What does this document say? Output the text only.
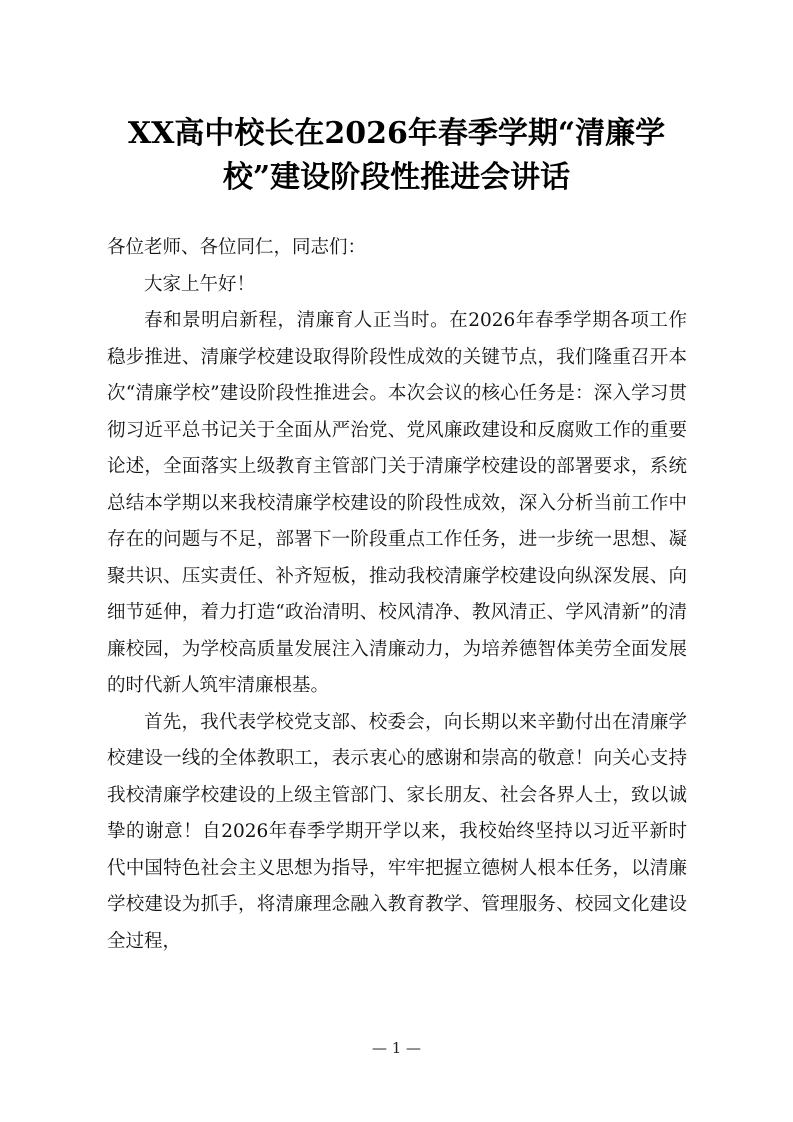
XX高中校长在2026年春季学期“清廉学
校”建设阶段性推进会讲话

各位老师、各位同仁，同志们：

大家上午好！

春和景明启新程，清廉育人正当时。在2026年春季学期各项工作稳步推进、清廉学校建设取得阶段性成效的关键节点，我们隆重召开本次“清廉学校”建设阶段性推进会。本次会议的核心任务是：深入学习贯彻习近平总书记关于全面从严治党、党风廉政建设和反腐败工作的重要论述，全面落实上级教育主管部门关于清廉学校建设的部署要求，系统总结本学期以来我校清廉学校建设的阶段性成效，深入分析当前工作中存在的问题与不足，部署下一阶段重点工作任务，进一步统一思想、凝聚共识、压实责任、补齐短板，推动我校清廉学校建设向纵深发展、向细节延伸，着力打造“政治清明、校风清净、教风清正、学风清新”的清廉校园，为学校高质量发展注入清廉动力，为培养德智体美劳全面发展的时代新人筑牢清廉根基。

首先，我代表学校党支部、校委会，向长期以来辛勤付出在清廉学校建设一线的全体教职工，表示衷心的感谢和崇高的敬意！向关心支持我校清廉学校建设的上级主管部门、家长朋友、社会各界人士，致以诚挚的谢意！自2026年春季学期开学以来，我校始终坚持以习近平新时代中国特色社会主义思想为指导，牢牢把握立德树人根本任务，以清廉学校建设为抓手，将清廉理念融入教育教学、管理服务、校园文化建设全过程，

— 1 —
